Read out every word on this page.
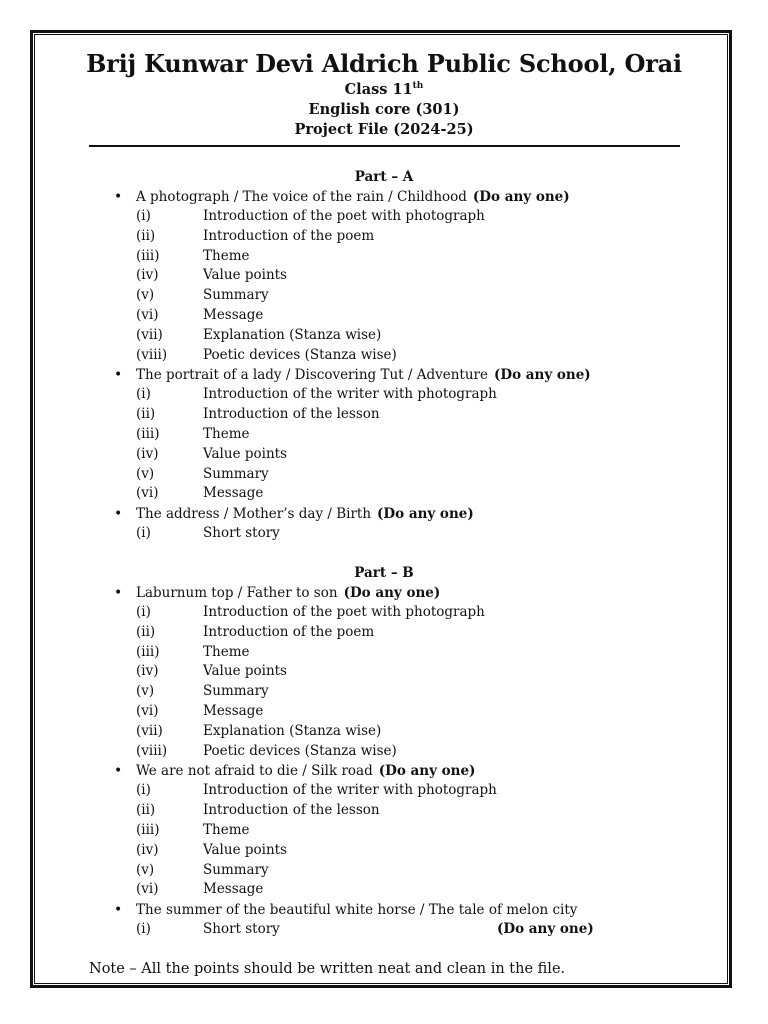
Brij Kunwar Devi Aldrich Public School, Orai
Class 11th
English core (301)
Project File (2024-25)
Part – A
• A photograph / The voice of the rain / Childhood (Do any one)
(i)	Introduction of the poet with photograph
(ii)	Introduction of the poem
(iii)	Theme
(iv)	Value points
(v)	Summary
(vi)	Message
(vii)	Explanation (Stanza wise)
(viii)	Poetic devices (Stanza wise)
• The portrait of a lady / Discovering Tut / Adventure (Do any one)
(i)	Introduction of the writer with photograph
(ii)	Introduction of the lesson
(iii)	Theme
(iv)	Value points
(v)	Summary
(vi)	Message
• The address / Mother’s day / Birth (Do any one)
(i)	Short story
Part – B
• Laburnum top / Father to son (Do any one)
(i)	Introduction of the poet with photograph
(ii)	Introduction of the poem
(iii)	Theme
(iv)	Value points
(v)	Summary
(vi)	Message
(vii)	Explanation (Stanza wise)
(viii)	Poetic devices (Stanza wise)
• We are not afraid to die / Silk road (Do any one)
(i)	Introduction of the writer with photograph
(ii)	Introduction of the lesson
(iii)	Theme
(iv)	Value points
(v)	Summary
(vi)	Message
• The summer of the beautiful white horse / The tale of melon city
(i)	Short story	(Do any one)
Note – All the points should be written neat and clean in the file.
